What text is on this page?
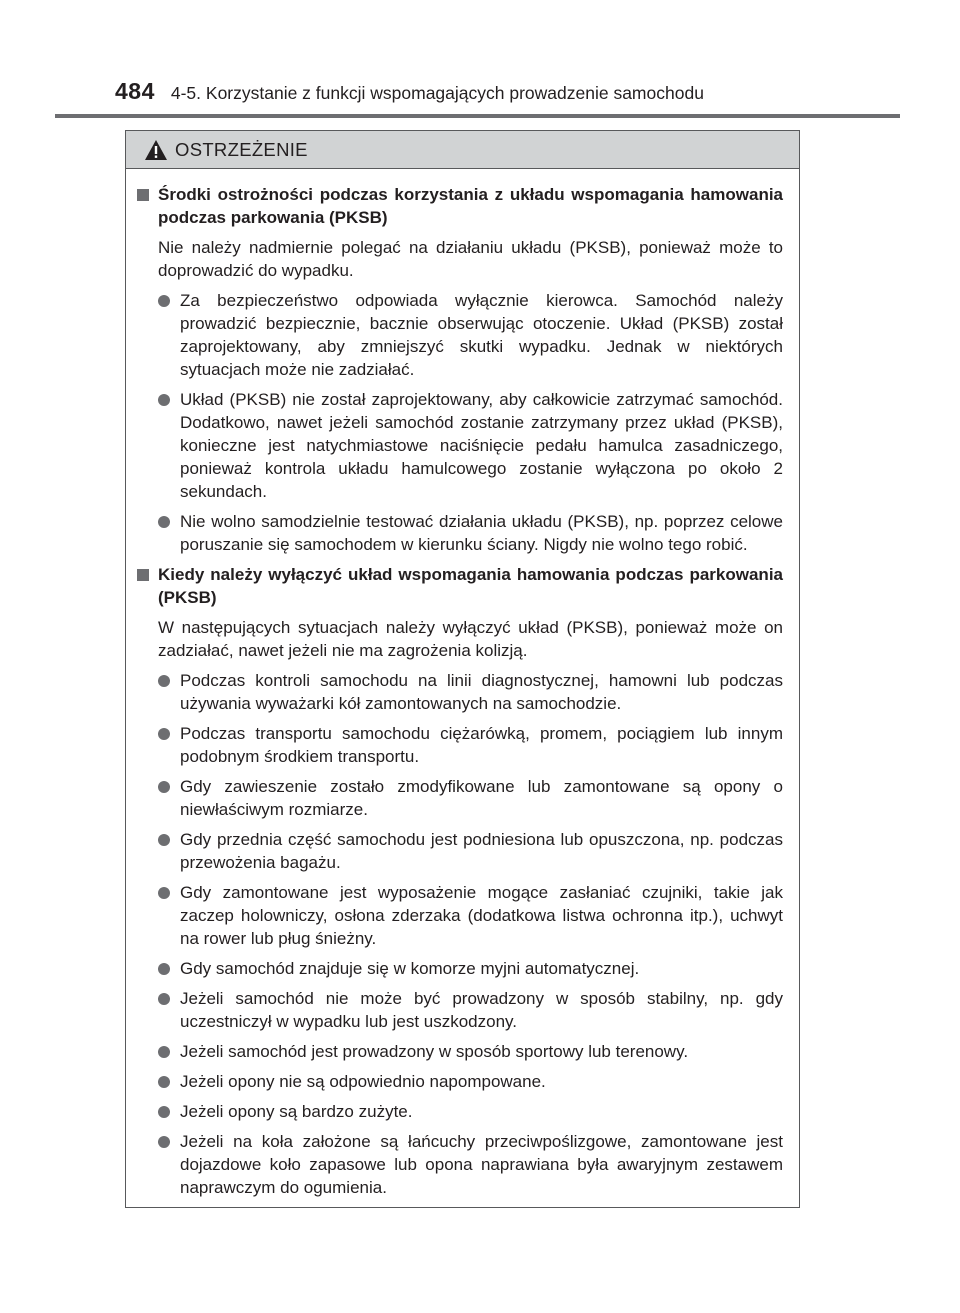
484 4-5. Korzystanie z funkcji wspomagających prowadzenie samochodu
OSTRZEŻENIE
Środki ostrożności podczas korzystania z układu wspomagania hamowania podczas parkowania (PKSB)
Nie należy nadmiernie polegać na działaniu układu (PKSB), ponieważ może to doprowadzić do wypadku.
Za bezpieczeństwo odpowiada wyłącznie kierowca. Samochód należy prowadzić bezpiecznie, bacznie obserwując otoczenie. Układ (PKSB) został zaprojektowany, aby zmniejszyć skutki wypadku. Jednak w niektórych sytuacjach może nie zadziałać.
Układ (PKSB) nie został zaprojektowany, aby całkowicie zatrzymać samochód. Dodatkowo, nawet jeżeli samochód zostanie zatrzymany przez układ (PKSB), konieczne jest natychmiastowe naciśnięcie pedału hamulca zasadniczego, ponieważ kontrola układu hamulcowego zostanie wyłączona po około 2 sekundach.
Nie wolno samodzielnie testować działania układu (PKSB), np. poprzez celowe poruszanie się samochodem w kierunku ściany. Nigdy nie wolno tego robić.
Kiedy należy wyłączyć układ wspomagania hamowania podczas parkowania (PKSB)
W następujących sytuacjach należy wyłączyć układ (PKSB), ponieważ może on zadziałać, nawet jeżeli nie ma zagrożenia kolizją.
Podczas kontroli samochodu na linii diagnostycznej, hamowni lub podczas używania wyważarki kół zamontowanych na samochodzie.
Podczas transportu samochodu ciężarówką, promem, pociągiem lub innym podobnym środkiem transportu.
Gdy zawieszenie zostało zmodyfikowane lub zamontowane są opony o niewłaściwym rozmiarze.
Gdy przednia część samochodu jest podniesiona lub opuszczona, np. podczas przewożenia bagażu.
Gdy zamontowane jest wyposażenie mogące zasłaniać czujniki, takie jak zaczep holowniczy, osłona zderzaka (dodatkowa listwa ochronna itp.), uchwyt na rower lub pług śnieżny.
Gdy samochód znajduje się w komorze myjni automatycznej.
Jeżeli samochód nie może być prowadzony w sposób stabilny, np. gdy uczestniczył w wypadku lub jest uszkodzony.
Jeżeli samochód jest prowadzony w sposób sportowy lub terenowy.
Jeżeli opony nie są odpowiednio napompowane.
Jeżeli opony są bardzo zużyte.
Jeżeli na koła założone są łańcuchy przeciwpoślizgowe, zamontowane jest dojazdowe koło zapasowe lub opona naprawiana była awaryjnym zestawem naprawczym do ogumienia.
